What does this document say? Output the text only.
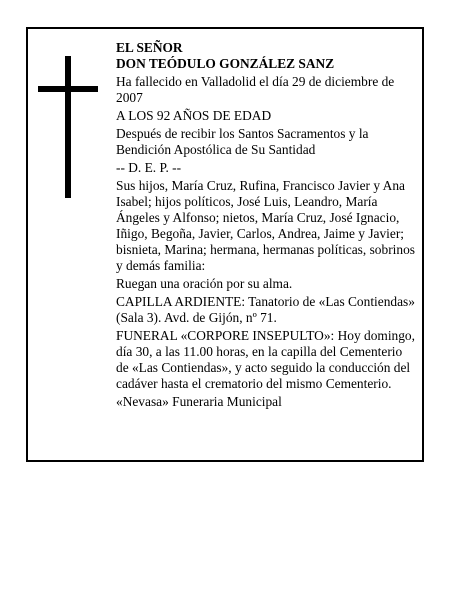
EL SEÑOR

DON TEÓDULO GONZÁLEZ SANZ

Ha fallecido en Valladolid el día 29 de diciembre de 2007

A LOS 92 AÑOS DE EDAD

Después de recibir los Santos Sacramentos y la Bendición Apostólica de Su Santidad

-- D. E. P. --

Sus hijos, María Cruz, Rufina, Francisco Javier y Ana Isabel; hijos políticos, José Luis, Leandro, María Ángeles y Alfonso; nietos, María Cruz, José Ignacio, Iñigo, Begoña, Javier, Carlos, Andrea, Jaime y Javier; bisnieta, Marina; hermana, hermanas políticas, sobrinos y demás familia:

Ruegan una oración por su alma.

CAPILLA ARDIENTE: Tanatorio de «Las Contiendas» (Sala 3). Avd. de Gijón, nº 71.

FUNERAL «CORPORE INSEPULTO»: Hoy domingo, día 30, a las 11.00 horas, en la capilla del Cementerio de «Las Contiendas», y acto seguido la conducción del cadáver hasta el crematorio del mismo Cementerio.

«Nevasa» Funeraria Municipal
